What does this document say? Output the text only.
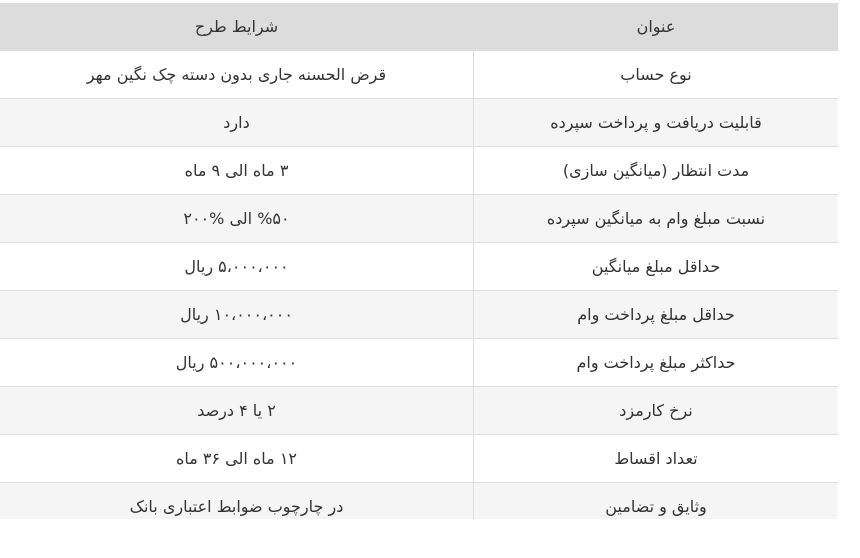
عنوان	شرایط طرح
نوع حساب	قرض الحسنه جاری بدون دسته چک نگین مهر
قابلیت دریافت و پرداخت سپرده	دارد
مدت انتظار (میانگین سازی)	۳ ماه الی ۹ ماه
نسبت مبلغ وام به میانگین سپرده	%۵۰ الی %۲۰۰
حداقل مبلغ میانگین	۵،۰۰۰،۰۰۰ ریال
حداقل مبلغ پرداخت وام	۱۰،۰۰۰،۰۰۰ ریال
حداکثر مبلغ پرداخت وام	۵۰۰،۰۰۰،۰۰۰ ریال
نرخ کارمزد	۲ یا ۴ درصد
تعداد اقساط	۱۲ ماه الی ۳۶ ماه
وثایق و تضامین	در چارچوب ضوابط اعتباری بانک
